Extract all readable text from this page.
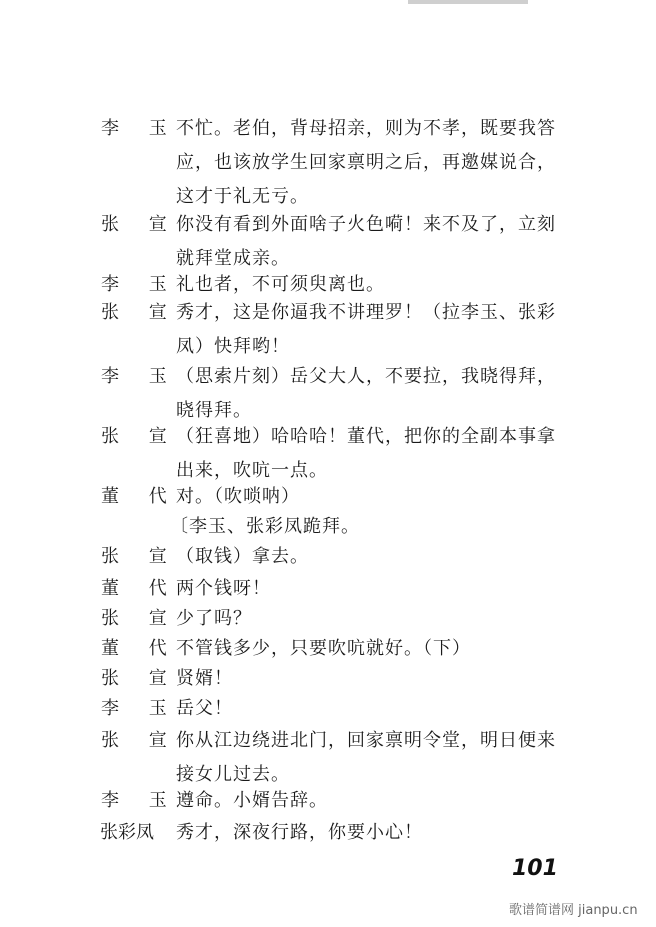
李 玉
不忙。老伯，背母招亲，则为不孝，既要我答应，也该放学生回家禀明之后，再邀媒说合，这才于礼无亏。
张 宣
你没有看到外面啥子火色嗬！来不及了，立刻就拜堂成亲。
李 玉
礼也者，不可须臾离也。
张 宣
秀才，这是你逼我不讲理罗！（拉李玉、张彩凤）快拜哟！
李 玉
（思索片刻）岳父大人，不要拉，我晓得拜，晓得拜。
张 宣
（狂喜地）哈哈哈！董代，把你的全副本事拿出来，吹吭一点。
董 代
对。（吹唢呐）
〔李玉、张彩凤跪拜。
张 宣
（取钱）拿去。
董 代
两个钱呀！
张 宣
少了吗？
董 代
不管钱多少，只要吹吭就好。（下）
张 宣
贤婿！
李 玉
岳父！
张 宣
你从江边绕进北门，回家禀明令堂，明日便来接女儿过去。
李 玉
遵命。小婿告辞。
张彩凤	秀才，深夜行路，你要小心！
101
歌谱简谱网 jianpu.cn
